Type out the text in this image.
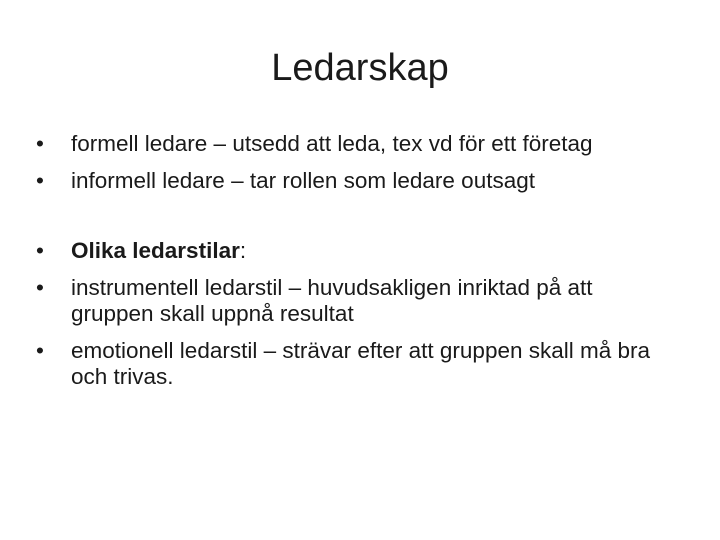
Ledarskap
•	formell ledare – utsedd att leda, tex vd för ett företag
•	informell ledare – tar rollen som ledare outsagt
•	Olika ledarstilar:
•	instrumentell ledarstil – huvudsakligen inriktad på att gruppen skall uppnå resultat
•	emotionell ledarstil – strävar efter att gruppen skall må bra och trivas.
